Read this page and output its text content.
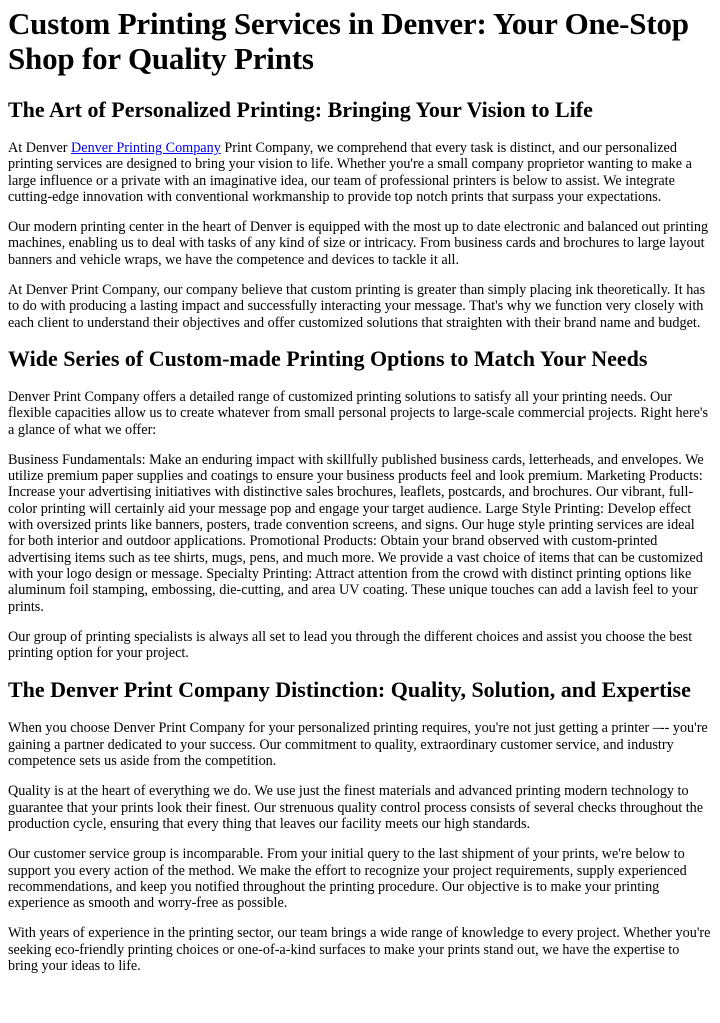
Custom Printing Services in Denver: Your One-Stop Shop for Quality Prints
The Art of Personalized Printing: Bringing Your Vision to Life

At Denver Denver Printing Company Print Company, we comprehend that every task is distinct, and our personalized printing services are designed to bring your vision to life. Whether you're a small company proprietor wanting to make a large influence or a private with an imaginative idea, our team of professional printers is below to assist. We integrate cutting-edge innovation with conventional workmanship to provide top notch prints that surpass your expectations.

Our modern printing center in the heart of Denver is equipped with the most up to date electronic and balanced out printing machines, enabling us to deal with tasks of any kind of size or intricacy. From business cards and brochures to large layout banners and vehicle wraps, we have the competence and devices to tackle it all.

At Denver Print Company, our company believe that custom printing is greater than simply placing ink theoretically. It has to do with producing a lasting impact and successfully interacting your message. That's why we function very closely with each client to understand their objectives and offer customized solutions that straighten with their brand name and budget.

Wide Series of Custom-made Printing Options to Match Your Needs

Denver Print Company offers a detailed range of customized printing solutions to satisfy all your printing needs. Our flexible capacities allow us to create whatever from small personal projects to large-scale commercial projects. Right here's a glance of what we offer:

Business Fundamentals: Make an enduring impact with skillfully published business cards, letterheads, and envelopes. We utilize premium paper supplies and coatings to ensure your business products feel and look premium. Marketing Products: Increase your advertising initiatives with distinctive sales brochures, leaflets, postcards, and brochures. Our vibrant, full-color printing will certainly aid your message pop and engage your target audience. Large Style Printing: Develop effect with oversized prints like banners, posters, trade convention screens, and signs. Our huge style printing services are ideal for both interior and outdoor applications. Promotional Products: Obtain your brand observed with custom-printed advertising items such as tee shirts, mugs, pens, and much more. We provide a vast choice of items that can be customized with your logo design or message. Specialty Printing: Attract attention from the crowd with distinct printing options like aluminum foil stamping, embossing, die-cutting, and area UV coating. These unique touches can add a lavish feel to your prints.

Our group of printing specialists is always all set to lead you through the different choices and assist you choose the best printing option for your project.

The Denver Print Company Distinction: Quality, Solution, and Expertise

When you choose Denver Print Company for your personalized printing requires, you're not just getting a printer –-- you're gaining a partner dedicated to your success. Our commitment to quality, extraordinary customer service, and industry competence sets us aside from the competition.

Quality is at the heart of everything we do. We use just the finest materials and advanced printing modern technology to guarantee that your prints look their finest. Our strenuous quality control process consists of several checks throughout the production cycle, ensuring that every thing that leaves our facility meets our high standards.

Our customer service group is incomparable. From your initial query to the last shipment of your prints, we're below to support you every action of the method. We make the effort to recognize your project requirements, supply experienced recommendations, and keep you notified throughout the printing procedure. Our objective is to make your printing experience as smooth and worry-free as possible.

With years of experience in the printing sector, our team brings a wide range of knowledge to every project. Whether you're seeking eco-friendly printing choices or one-of-a-kind surfaces to make your prints stand out, we have the expertise to bring your ideas to life.
